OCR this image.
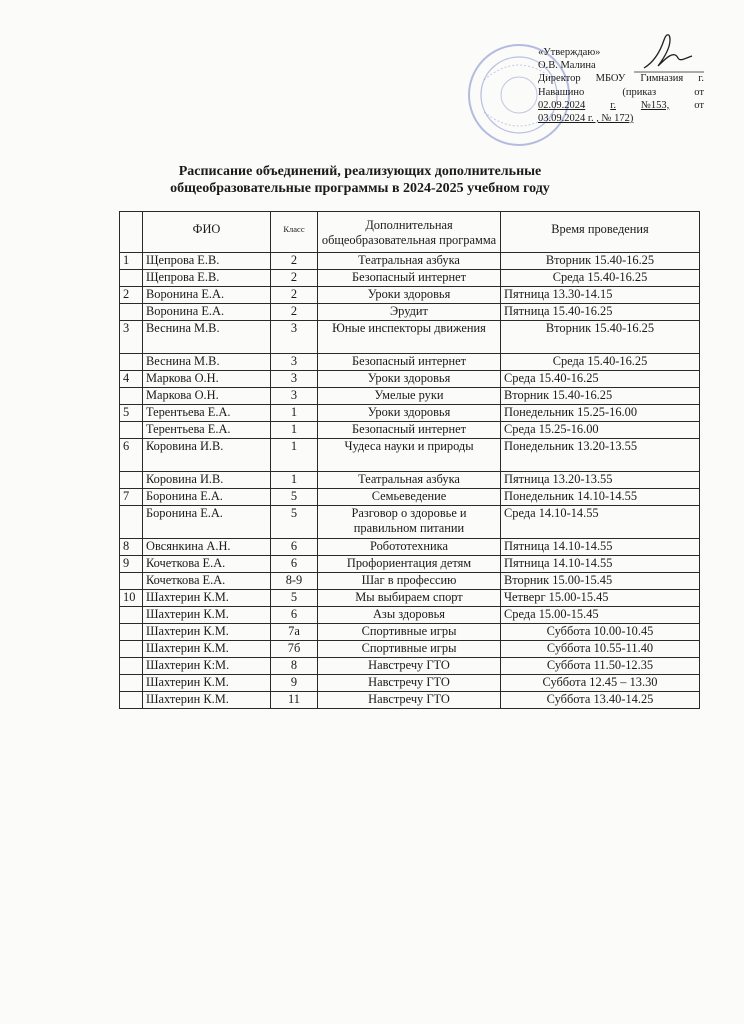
«Утверждаю»
О.В. Малина
Директор МБОУ Гимназия г.
Навашино	(приказ	от
02.09.2024 г. №153, от
03.09.2024 г. , № 172)
Расписание объединений, реализующих дополнительные
общеобразовательные программы в 2024-2025 учебном году
	ФИО	Класс	Дополнительная общеобразовательная программа	Время проведения
1	Щепрова Е.В.	2	Театральная азбука	Вторник 15.40-16.25
	Щепрова Е.В.	2	Безопасный интернет	Среда 15.40-16.25
2	Воронина Е.А.	2	Уроки здоровья	Пятница 13.30-14.15
	Воронина Е.А.	2	Эрудит	Пятница 15.40-16.25
3	Веснина М.В.	3	Юные инспекторы движения	Вторник 15.40-16.25
	Веснина М.В.	3	Безопасный интернет	Среда 15.40-16.25
4	Маркова О.Н.	3	Уроки здоровья	Среда 15.40-16.25
	Маркова О.Н.	3	Умелые руки	Вторник 15.40-16.25
5	Терентьева Е.А.	1	Уроки здоровья	Понедельник 15.25-16.00
	Терентьева Е.А.	1	Безопасный интернет	Среда 15.25-16.00
6	Коровина И.В.	1	Чудеса науки и природы	Понедельник 13.20-13.55
	Коровина И.В.	1	Театральная азбука	Пятница 13.20-13.55
7	Боронина Е.А.	5	Семьеведение	Понедельник 14.10-14.55
	Боронина Е.А.	5	Разговор о здоровье и правильном питании	Среда 14.10-14.55
8	Овсянкина А.Н.	6	Робототехника	Пятница 14.10-14.55
9	Кочеткова Е.А.	6	Профориентация детям	Пятница 14.10-14.55
	Кочеткова Е.А.	8-9	Шаг в профессию	Вторник 15.00-15.45
10	Шахтерин К.М.	5	Мы выбираем спорт	Четверг 15.00-15.45
	Шахтерин К.М.	6	Азы здоровья	Среда 15.00-15.45
	Шахтерин К.М.	7а	Спортивные игры	Суббота 10.00-10.45
	Шахтерин К.М.	7б	Спортивные игры	Суббота 10.55-11.40
	Шахтерин К:М.	8	Навстречу ГТО	Суббота 11.50-12.35
	Шахтерин К.М.	9	Навстречу ГТО	Суббота 12.45 – 13.30
	Шахтерин К.М.	11	Навстречу ГТО	Суббота 13.40-14.25
